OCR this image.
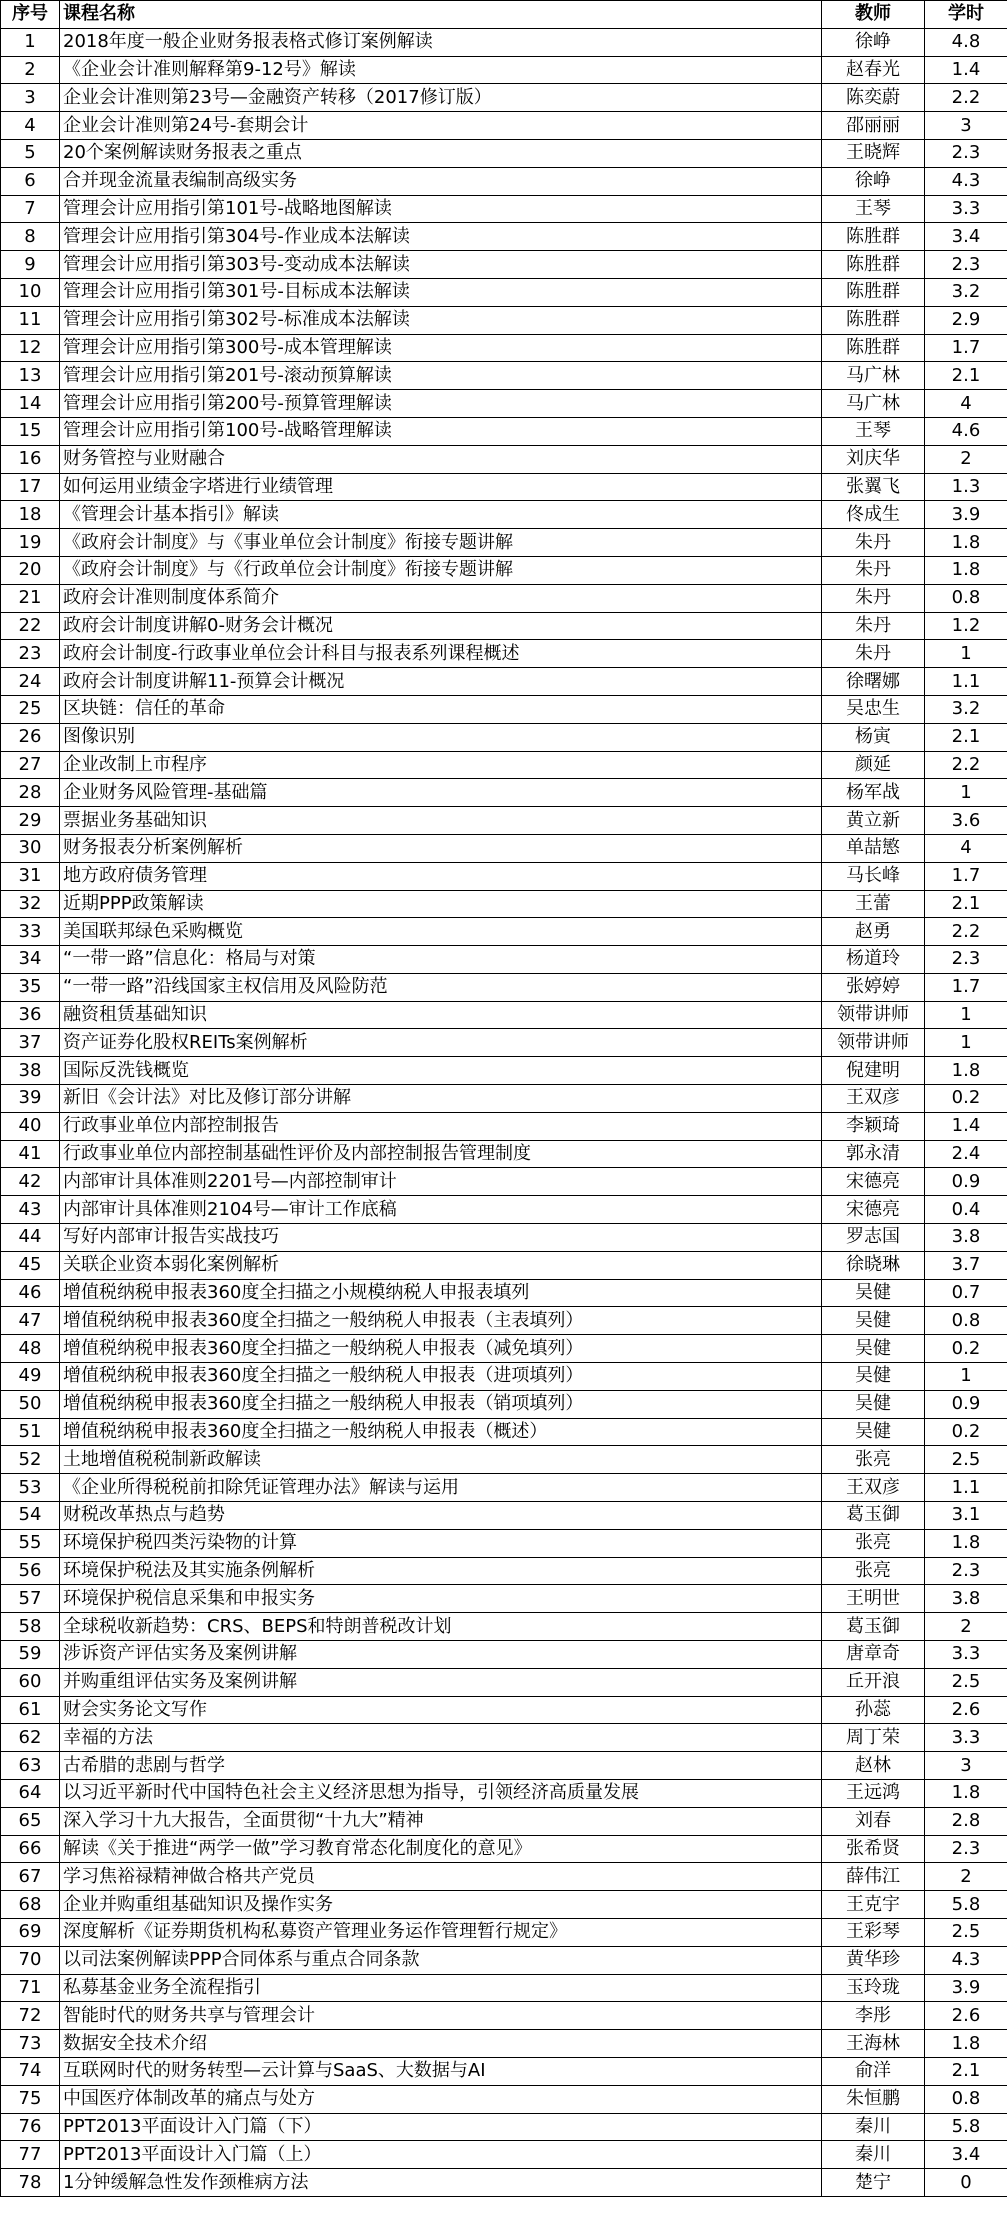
序号	课程名称	教师	学时
1	2018年度一般企业财务报表格式修订案例解读	徐峥	4.8
2	《企业会计准则解释第9-12号》解读	赵春光	1.4
3	企业会计准则第23号—金融资产转移（2017修订版）	陈奕蔚	2.2
4	企业会计准则第24号-套期会计	邵丽丽	3
5	20个案例解读财务报表之重点	王晓辉	2.3
6	合并现金流量表编制高级实务	徐峥	4.3
7	管理会计应用指引第101号-战略地图解读	王琴	3.3
8	管理会计应用指引第304号-作业成本法解读	陈胜群	3.4
9	管理会计应用指引第303号-变动成本法解读	陈胜群	2.3
10	管理会计应用指引第301号-目标成本法解读	陈胜群	3.2
11	管理会计应用指引第302号-标准成本法解读	陈胜群	2.9
12	管理会计应用指引第300号-成本管理解读	陈胜群	1.7
13	管理会计应用指引第201号-滚动预算解读	马广林	2.1
14	管理会计应用指引第200号-预算管理解读	马广林	4
15	管理会计应用指引第100号-战略管理解读	王琴	4.6
16	财务管控与业财融合	刘庆华	2
17	如何运用业绩金字塔进行业绩管理	张翼飞	1.3
18	《管理会计基本指引》解读	佟成生	3.9
19	《政府会计制度》与《事业单位会计制度》衔接专题讲解	朱丹	1.8
20	《政府会计制度》与《行政单位会计制度》衔接专题讲解	朱丹	1.8
21	政府会计准则制度体系简介	朱丹	0.8
22	政府会计制度讲解0-财务会计概况	朱丹	1.2
23	政府会计制度-行政事业单位会计科目与报表系列课程概述	朱丹	1
24	政府会计制度讲解11-预算会计概况	徐曙娜	1.1
25	区块链：信任的革命	吴忠生	3.2
26	图像识别	杨寅	2.1
27	企业改制上市程序	颜延	2.2
28	企业财务风险管理-基础篇	杨军战	1
29	票据业务基础知识	黄立新	3.6
30	财务报表分析案例解析	单喆慜	4
31	地方政府债务管理	马长峰	1.7
32	近期PPP政策解读	王蕾	2.1
33	美国联邦绿色采购概览	赵勇	2.2
34	“一带一路”信息化：格局与对策	杨道玲	2.3
35	“一带一路”沿线国家主权信用及风险防范	张婷婷	1.7
36	融资租赁基础知识	领带讲师	1
37	资产证券化股权REITs案例解析	领带讲师	1
38	国际反洗钱概览	倪建明	1.8
39	新旧《会计法》对比及修订部分讲解	王双彦	0.2
40	行政事业单位内部控制报告	李颖琦	1.4
41	行政事业单位内部控制基础性评价及内部控制报告管理制度	郭永清	2.4
42	内部审计具体准则2201号—内部控制审计	宋德亮	0.9
43	内部审计具体准则2104号—审计工作底稿	宋德亮	0.4
44	写好内部审计报告实战技巧	罗志国	3.8
45	关联企业资本弱化案例解析	徐晓琳	3.7
46	增值税纳税申报表360度全扫描之小规模纳税人申报表填列	吴健	0.7
47	增值税纳税申报表360度全扫描之一般纳税人申报表（主表填列）	吴健	0.8
48	增值税纳税申报表360度全扫描之一般纳税人申报表（减免填列）	吴健	0.2
49	增值税纳税申报表360度全扫描之一般纳税人申报表（进项填列）	吴健	1
50	增值税纳税申报表360度全扫描之一般纳税人申报表（销项填列）	吴健	0.9
51	增值税纳税申报表360度全扫描之一般纳税人申报表（概述）	吴健	0.2
52	土地增值税税制新政解读	张亮	2.5
53	《企业所得税税前扣除凭证管理办法》解读与运用	王双彦	1.1
54	财税改革热点与趋势	葛玉御	3.1
55	环境保护税四类污染物的计算	张亮	1.8
56	环境保护税法及其实施条例解析	张亮	2.3
57	环境保护税信息采集和申报实务	王明世	3.8
58	全球税收新趋势：CRS、BEPS和特朗普税改计划	葛玉御	2
59	涉诉资产评估实务及案例讲解	唐章奇	3.3
60	并购重组评估实务及案例讲解	丘开浪	2.5
61	财会实务论文写作	孙蕊	2.6
62	幸福的方法	周丁荣	3.3
63	古希腊的悲剧与哲学	赵林	3
64	以习近平新时代中国特色社会主义经济思想为指导，引领经济高质量发展	王远鸿	1.8
65	深入学习十九大报告，全面贯彻“十九大”精神	刘春	2.8
66	解读《关于推进“两学一做”学习教育常态化制度化的意见》	张希贤	2.3
67	学习焦裕禄精神做合格共产党员	薛伟江	2
68	企业并购重组基础知识及操作实务	王克宇	5.8
69	深度解析《证券期货机构私募资产管理业务运作管理暂行规定》	王彩琴	2.5
70	以司法案例解读PPP合同体系与重点合同条款	黄华珍	4.3
71	私募基金业务全流程指引	玉玲珑	3.9
72	智能时代的财务共享与管理会计	李彤	2.6
73	数据安全技术介绍	王海林	1.8
74	互联网时代的财务转型—云计算与SaaS、大数据与AI	俞洋	2.1
75	中国医疗体制改革的痛点与处方	朱恒鹏	0.8
76	PPT2013平面设计入门篇（下）	秦川	5.8
77	PPT2013平面设计入门篇（上）	秦川	3.4
78	1分钟缓解急性发作颈椎病方法	楚宁	0
